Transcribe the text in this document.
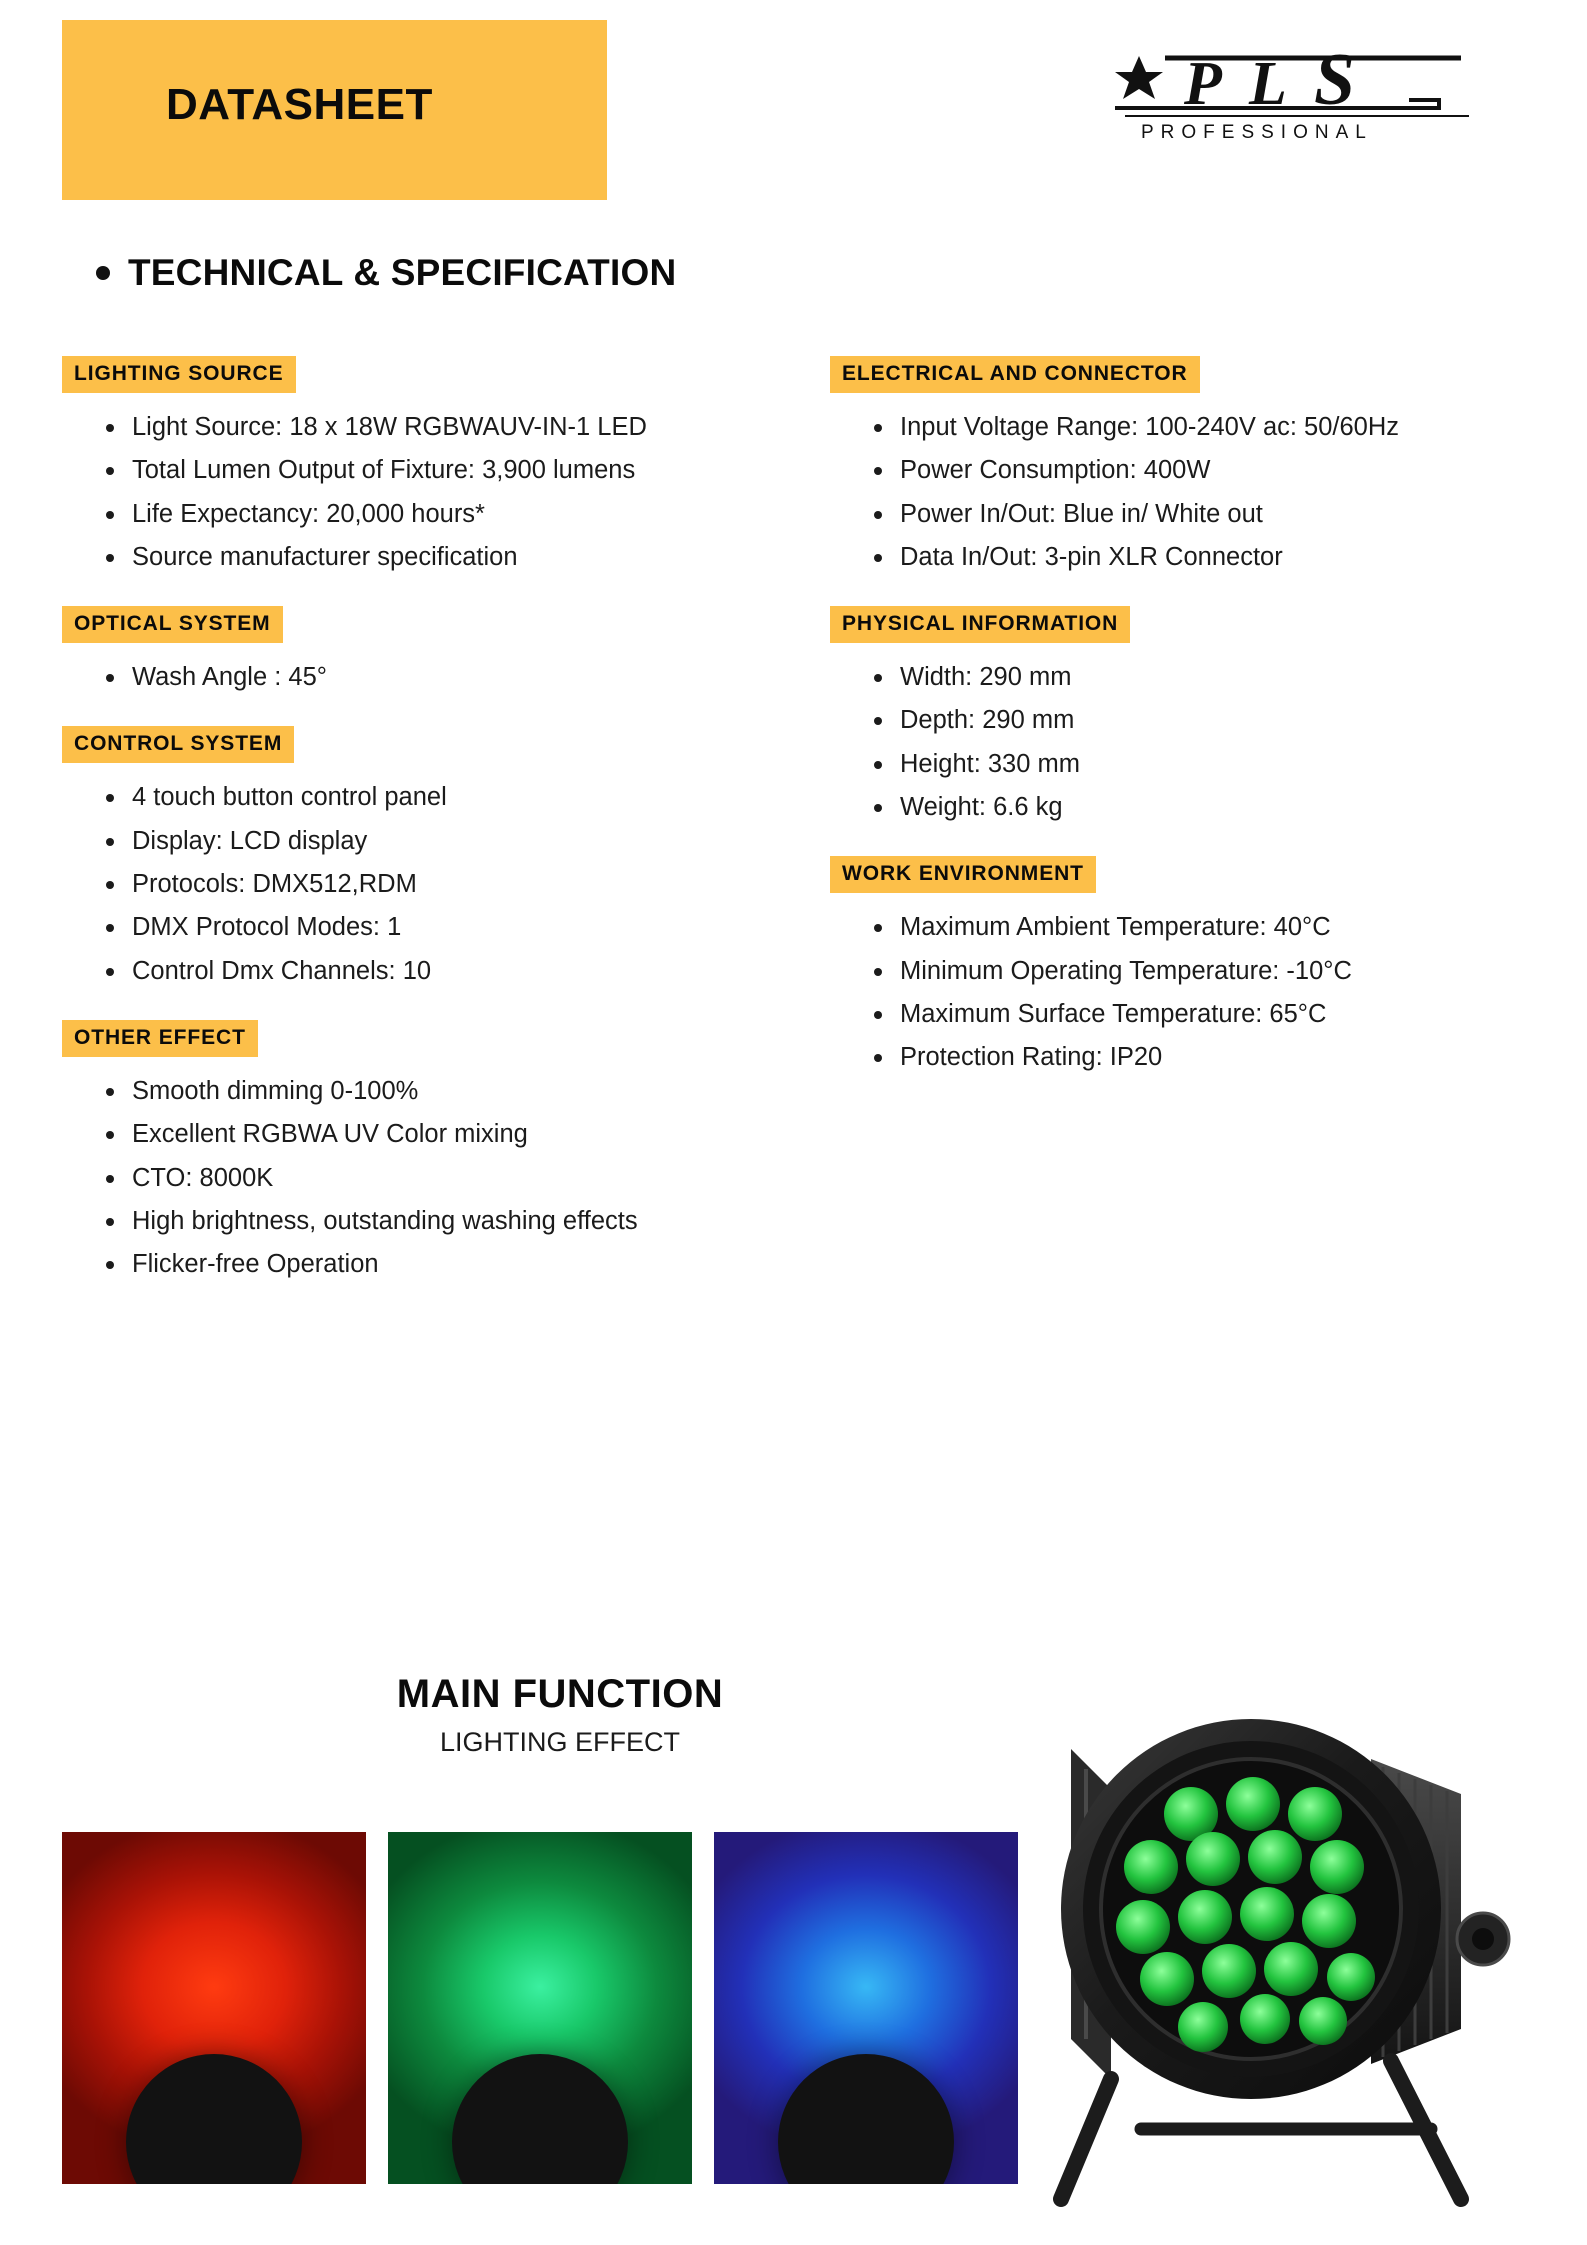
DATASHEET	P L S
PROFESSIONAL
TECHNICAL & SPECIFICATION
LIGHTING SOURCE
Light Source: 18 x 18W RGBWAUV-IN-1 LED
Total Lumen Output of Fixture: 3,900 lumens
Life Expectancy: 20,000 hours*
Source manufacturer specification
OPTICAL SYSTEM
Wash Angle : 45°
CONTROL SYSTEM
4 touch button control panel
Display: LCD display
Protocols: DMX512,RDM
DMX Protocol Modes: 1
Control Dmx Channels: 10
OTHER EFFECT
Smooth dimming 0-100%
Excellent RGBWA UV Color mixing
CTO: 8000K
High brightness, outstanding washing effects
Flicker-free Operation
ELECTRICAL AND CONNECTOR
Input Voltage Range: 100-240V ac: 50/60Hz
Power Consumption: 400W
Power In/Out: Blue in/ White out
Data In/Out: 3-pin XLR Connector
PHYSICAL INFORMATION
Width: 290 mm
Depth: 290 mm
Height: 330 mm
Weight: 6.6 kg
WORK ENVIRONMENT
Maximum Ambient Temperature: 40°C
Minimum Operating Temperature: -10°C
Maximum Surface Temperature: 65°C
Protection Rating: IP20
MAIN FUNCTION
LIGHTING EFFECT
